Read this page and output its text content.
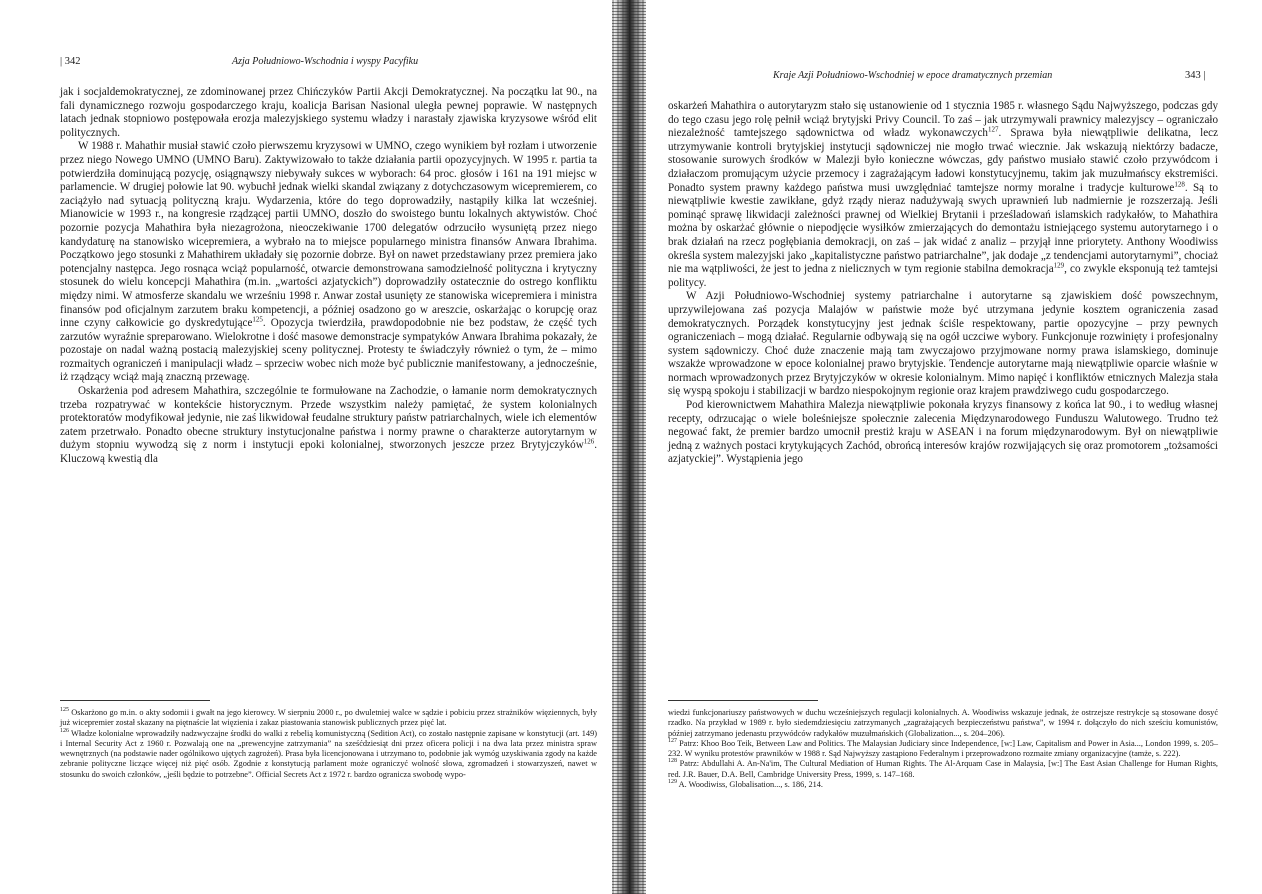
| 342	Azja Południowo-Wschodnia i wyspy Pacyfiku

jak i socjaldemokratycznej, ze zdominowanej przez Chińczyków Partii Akcji Demokratycznej. Na początku lat 90., na fali dynamicznego rozwoju gospodarczego kraju, koalicja Barisan Nasional uległa pewnej poprawie. W następnych latach jednak stopniowo postępowała erozja malezyjskiego systemu władzy i narastały zjawiska kryzysowe wśród elit politycznych.

W 1988 r. Mahathir musiał stawić czoło pierwszemu kryzysowi w UMNO, czego wynikiem był rozłam i utworzenie przez niego Nowego UMNO (UMNO Baru). Zaktywizowało to także działania partii opozycyjnych. W 1995 r. partia ta potwierdziła dominującą pozycję, osiągnąwszy niebywały sukces w wyborach: 64 proc. głosów i 161 na 191 miejsc w parlamencie. W drugiej połowie lat 90. wybuchł jednak wielki skandal związany z dotychczasowym wicepremierem, co zaciążyło nad sytuacją polityczną kraju. Wydarzenia, które do tego doprowadziły, nastąpiły kilka lat wcześniej. Mianowicie w 1993 r., na kongresie rządzącej partii UMNO, doszło do swoistego buntu lokalnych aktywistów. Choć pozornie pozycja Mahathira była niezagrożona, nieoczekiwanie 1700 delegatów odrzuciło wysuniętą przez niego kandydaturę na stanowisko wicepremiera, a wybrało na to miejsce popularnego ministra finansów Anwara Ibrahima. Początkowo jego stosunki z Mahathirem układały się pozornie dobrze. Był on nawet przedstawiany przez premiera jako potencjalny następca. Jego rosnąca wciąż popularność, otwarcie demonstrowana samodzielność polityczna i krytyczny stosunek do wielu koncepcji Mahathira (m.in. „wartości azjatyckich”) doprowadziły ostatecznie do ostrego konfliktu między nimi. W atmosferze skandalu we wrześniu 1998 r. Anwar został usunięty ze stanowiska wicepremiera i ministra finansów pod oficjalnym zarzutem braku kompetencji, a później osadzono go w areszcie, oskarżając o korupcję oraz inne czyny całkowicie go dyskredytujące$^{125}$. Opozycja twierdziła, prawdopodobnie nie bez podstaw, że część tych zarzutów wyraźnie spreparowano. Wielokrotne i dość masowe demonstracje sympatyków Anwara Ibrahima pokazały, że pozostaje on nadal ważną postacią malezyjskiej sceny politycznej. Protesty te świadczyły również o tym, że – mimo rozmaitych ograniczeń i manipulacji władz – sprzeciw wobec nich może być publicznie manifestowany, a jednocześnie, iż rządzący wciąż mają znaczną przewagę.

Oskarżenia pod adresem Mahathira, szczególnie te formułowane na Zachodzie, o łamanie norm demokratycznych trzeba rozpatrywać w kontekście historycznym. Przede wszystkim należy pamiętać, że system kolonialnych protektoratów modyfikował jedynie, nie zaś likwidował feudalne struktury państw patriarchalnych, wiele ich elementów zatem przetrwało. Ponadto obecne struktury instytucjonalne państwa i normy prawne o charakterze autorytarnym w dużym stopniu wywodzą się z norm i instytucji epoki kolonialnej, stworzonych jeszcze przez Brytyjczyków$^{126}$. Kluczową kwestią dla

$^{125}$ Oskarżono go m.in. o akty sodomii i gwałt na jego kierowcy. W sierpniu 2000 r., po dwuletniej walce w sądzie i pobiciu przez strażników więziennych, były już wicepremier został skazany na piętnaście lat więzienia i zakaz piastowania stanowisk publicznych przez pięć lat.

$^{126}$ Władze kolonialne wprowadziły nadzwyczajne środki do walki z rebelią komunistyczną (Sedition Act), co zostało następnie zapisane w konstytucji (art. 149) i Internal Security Act z 1960 r. Pozwalają one na „prewencyjne zatrzymania” na sześćdziesiąt dni przez oficera policji i na dwa lata przez ministra spraw wewnętrznych (na podstawie nader ogólnikowo ujętych zagrożeń). Prasa była licencjonowana i utrzymano to, podobnie jak wymóg uzyskiwania zgody na każde zebranie polityczne liczące więcej niż pięć osób. Zgodnie z konstytucją parlament może ograniczyć wolność słowa, zgromadzeń i stowarzyszeń, nawet w stosunku do swoich członków, „jeśli będzie to potrzebne”. Official Secrets Act z 1972 r. bardzo ogranicza swobodę wypo-

Kraje Azji Południowo-Wschodniej w epoce dramatycznych przemian	343 |

oskarżeń Mahathira o autorytaryzm stało się ustanowienie od 1 stycznia 1985 r. własnego Sądu Najwyższego, podczas gdy do tego czasu jego rolę pełnił wciąż brytyjski Privy Council. To zaś – jak utrzymywali prawnicy malezyjscy – ograniczało niezależność tamtejszego sądownictwa od władz wykonawczych$^{127}$. Sprawa była niewątpliwie delikatna, lecz utrzymywanie kontroli brytyjskiej instytucji sądowniczej nie mogło trwać wiecznie. Jak wskazują niektórzy badacze, stosowanie surowych środków w Malezji było konieczne wówczas, gdy państwo musiało stawić czoło przywódcom i działaczom promującym użycie przemocy i zagrażającym ładowi konstytucyjnemu, takim jak muzułmańscy ekstremiści. Ponadto system prawny każdego państwa musi uwzględniać tamtejsze normy moralne i tradycje kulturowe$^{128}$. Są to niewątpliwie kwestie zawikłane, gdyż rządy nieraz nadużywają swych uprawnień lub nadmiernie je rozszerzają. Jeśli pominąć sprawę likwidacji zależności prawnej od Wielkiej Brytanii i prześladowań islamskich radykałów, to Mahathira można by oskarżać głównie o niepodjęcie wysiłków zmierzających do demontażu istniejącego systemu autorytarnego i o brak działań na rzecz pogłębiania demokracji, on zaś – jak widać z analiz – przyjął inne priorytety. Anthony Woodiwiss określa system malezyjski jako „kapitalistyczne państwo patriarchalne”, jak dodaje „z tendencjami autorytarnymi”, chociaż nie ma wątpliwości, że jest to jedna z nielicznych w tym regionie stabilna demokracja$^{129}$, co zwykle eksponują też tamtejsi politycy.

W Azji Południowo-Wschodniej systemy patriarchalne i autorytarne są zjawiskiem dość powszechnym, uprzywilejowana zaś pozycja Malajów w państwie może być utrzymana jedynie kosztem ograniczenia zasad demokratycznych. Porządek konstytucyjny jest jednak ściśle respektowany, partie opozycyjne – przy pewnych ograniczeniach – mogą działać. Regularnie odbywają się na ogół uczciwe wybory. Funkcjonuje rozwinięty i profesjonalny system sądowniczy. Choć duże znaczenie mają tam zwyczajowo przyjmowane normy prawa islamskiego, dominuje wszakże wprowadzone w epoce kolonialnej prawo brytyjskie. Tendencje autorytarne mają niewątpliwie oparcie właśnie w normach wprowadzonych przez Brytyjczyków w okresie kolonialnym. Mimo napięć i konfliktów etnicznych Malezja stała się wyspą spokoju i stabilizacji w bardzo niespokojnym regionie oraz krajem prawdziwego cudu gospodarczego.

Pod kierownictwem Mahathira Malezja niewątpliwie pokonała kryzys finansowy z końca lat 90., i to według własnej recepty, odrzucając o wiele boleśniejsze społecznie zalecenia Międzynarodowego Funduszu Walutowego. Trudno też negować fakt, że premier bardzo umocnił prestiż kraju w ASEAN i na forum międzynarodowym. Był on niewątpliwie jedną z ważnych postaci krytykujących Zachód, obrońcą interesów krajów rozwijających się oraz promotorem „tożsamości azjatyckiej”. Wystąpienia jego

wiedzi funkcjonariuszy państwowych w duchu wcześniejszych regulacji kolonialnych. A. Woodiwiss wskazuje jednak, że ostrzejsze restrykcje są stosowane dosyć rzadko. Na przykład w 1989 r. było siedemdziesięciu zatrzymanych „zagrażających bezpieczeństwu państwa”, w 1994 r. dołączyło do nich sześciu komunistów, później zatrzymano jedenastu przywódców radykałów muzułmańskich (Globalization..., s. 204–206).

$^{127}$ Patrz: Khoo Boo Teik, Between Law and Politics. The Malaysian Judiciary since Independence, [w:] Law, Capitalism and Power in Asia..., London 1999, s. 205–232. W wyniku protestów prawników w 1988 r. Sąd Najwyższy zastąpiono Federalnym i przeprowadzono rozmaite zmiany organizacyjne (tamże, s. 222).

$^{128}$ Patrz: Abdullahi A. An-Na'im, The Cultural Mediation of Human Rights. The Al-Arquam Case in Malaysia, [w:] The East Asian Challenge for Human Rights, red. J.R. Bauer, D.A. Bell, Cambridge University Press, 1999, s. 147–168.

$^{129}$ A. Woodiwiss, Globalisation..., s. 186, 214.
